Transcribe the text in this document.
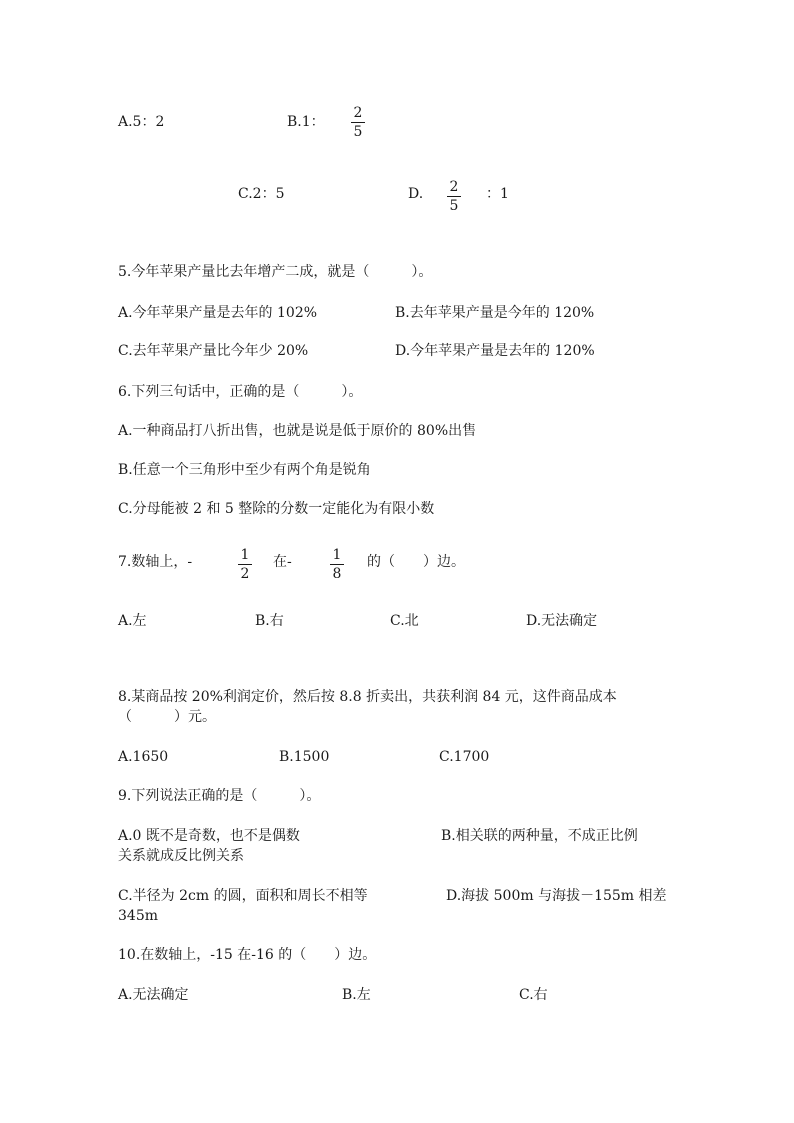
A.5：2	B.1：
2
5
C.2：5	D. 2
5
：1
5.今年苹果产量比去年增产二成，就是（　　　）。
A.今年苹果产量是去年的 102%	B.去年苹果产量是今年的 120%
C.去年苹果产量比今年少 20%	D.今年苹果产量是去年的 120%
6.下列三句话中，正确的是（　　　）。
A.一种商品打八折出售，也就是说是低于原价的 80%出售
B.任意一个三角形中至少有两个角是锐角
C.分母能被 2 和 5 整除的分数一定能化为有限小数
7.数轴上，-	1
2
在-	1
8
的（　　）边。
A.左	B.右	C.北	D.无法确定
8.某商品按 20%利润定价，然后按 8.8 折卖出，共获利润 84 元，这件商品成本
（　　　）元。
A.1650	B.1500	C.1700
9.下列说法正确的是（　　　）。
A.0 既不是奇数，也不是偶数	B.相关联的两种量，不成正比例
关系就成反比例关系
C.半径为 2cm 的圆，面积和周长不相等	D.海拔 500m 与海拔－155m 相差
345m
10.在数轴上，-15 在-16 的（　　）边。
A.无法确定	B.左	C.右
